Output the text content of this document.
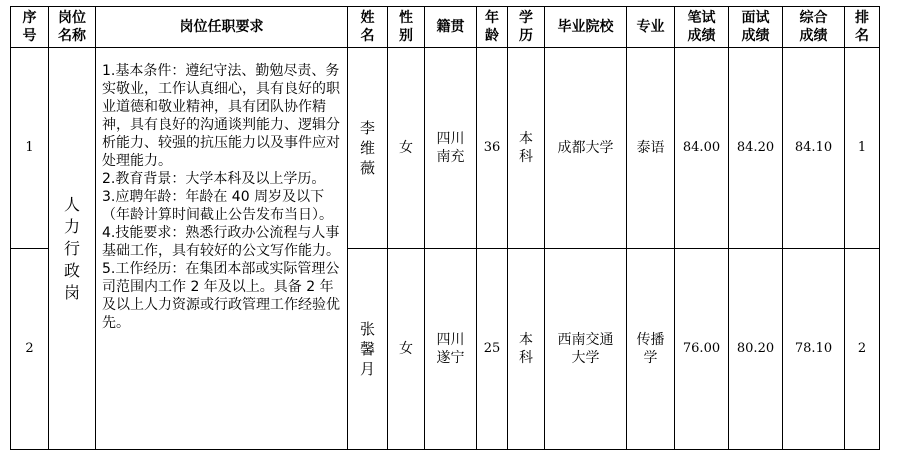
序号	岗位名称	岗位任职要求	姓名	性别	籍贯	年龄	学历	毕业院校	专业	笔试成绩	面试成绩	综合成绩	排名
1	人力行政岗	1.基本条件：遵纪守法、勤勉尽责、务实敬业，工作认真细心，具有良好的职业道德和敬业精神，具有团队协作精神，具有良好的沟通谈判能力、逻辑分析能力、较强的抗压能力以及事件应对处理能力。

2.教育背景：大学本科及以上学历。

3.应聘年龄：年龄在 40 周岁及以下（年龄计算时间截止公告发布当日）。

4.技能要求：熟悉行政办公流程与人事基础工作，具有较好的公文写作能力。

5.工作经历：在集团本部或实际管理公司范围内工作 2 年及以上。具备 2 年及以上人力资源或行政管理工作经验优先。	李维薇	女	四川南充	36	本科	成都大学	泰语	84.00	84.20	84.10	1
2			张馨月	女	四川遂宁	25	本科	西南交通大学	传播学	76.00	80.20	78.10	2
